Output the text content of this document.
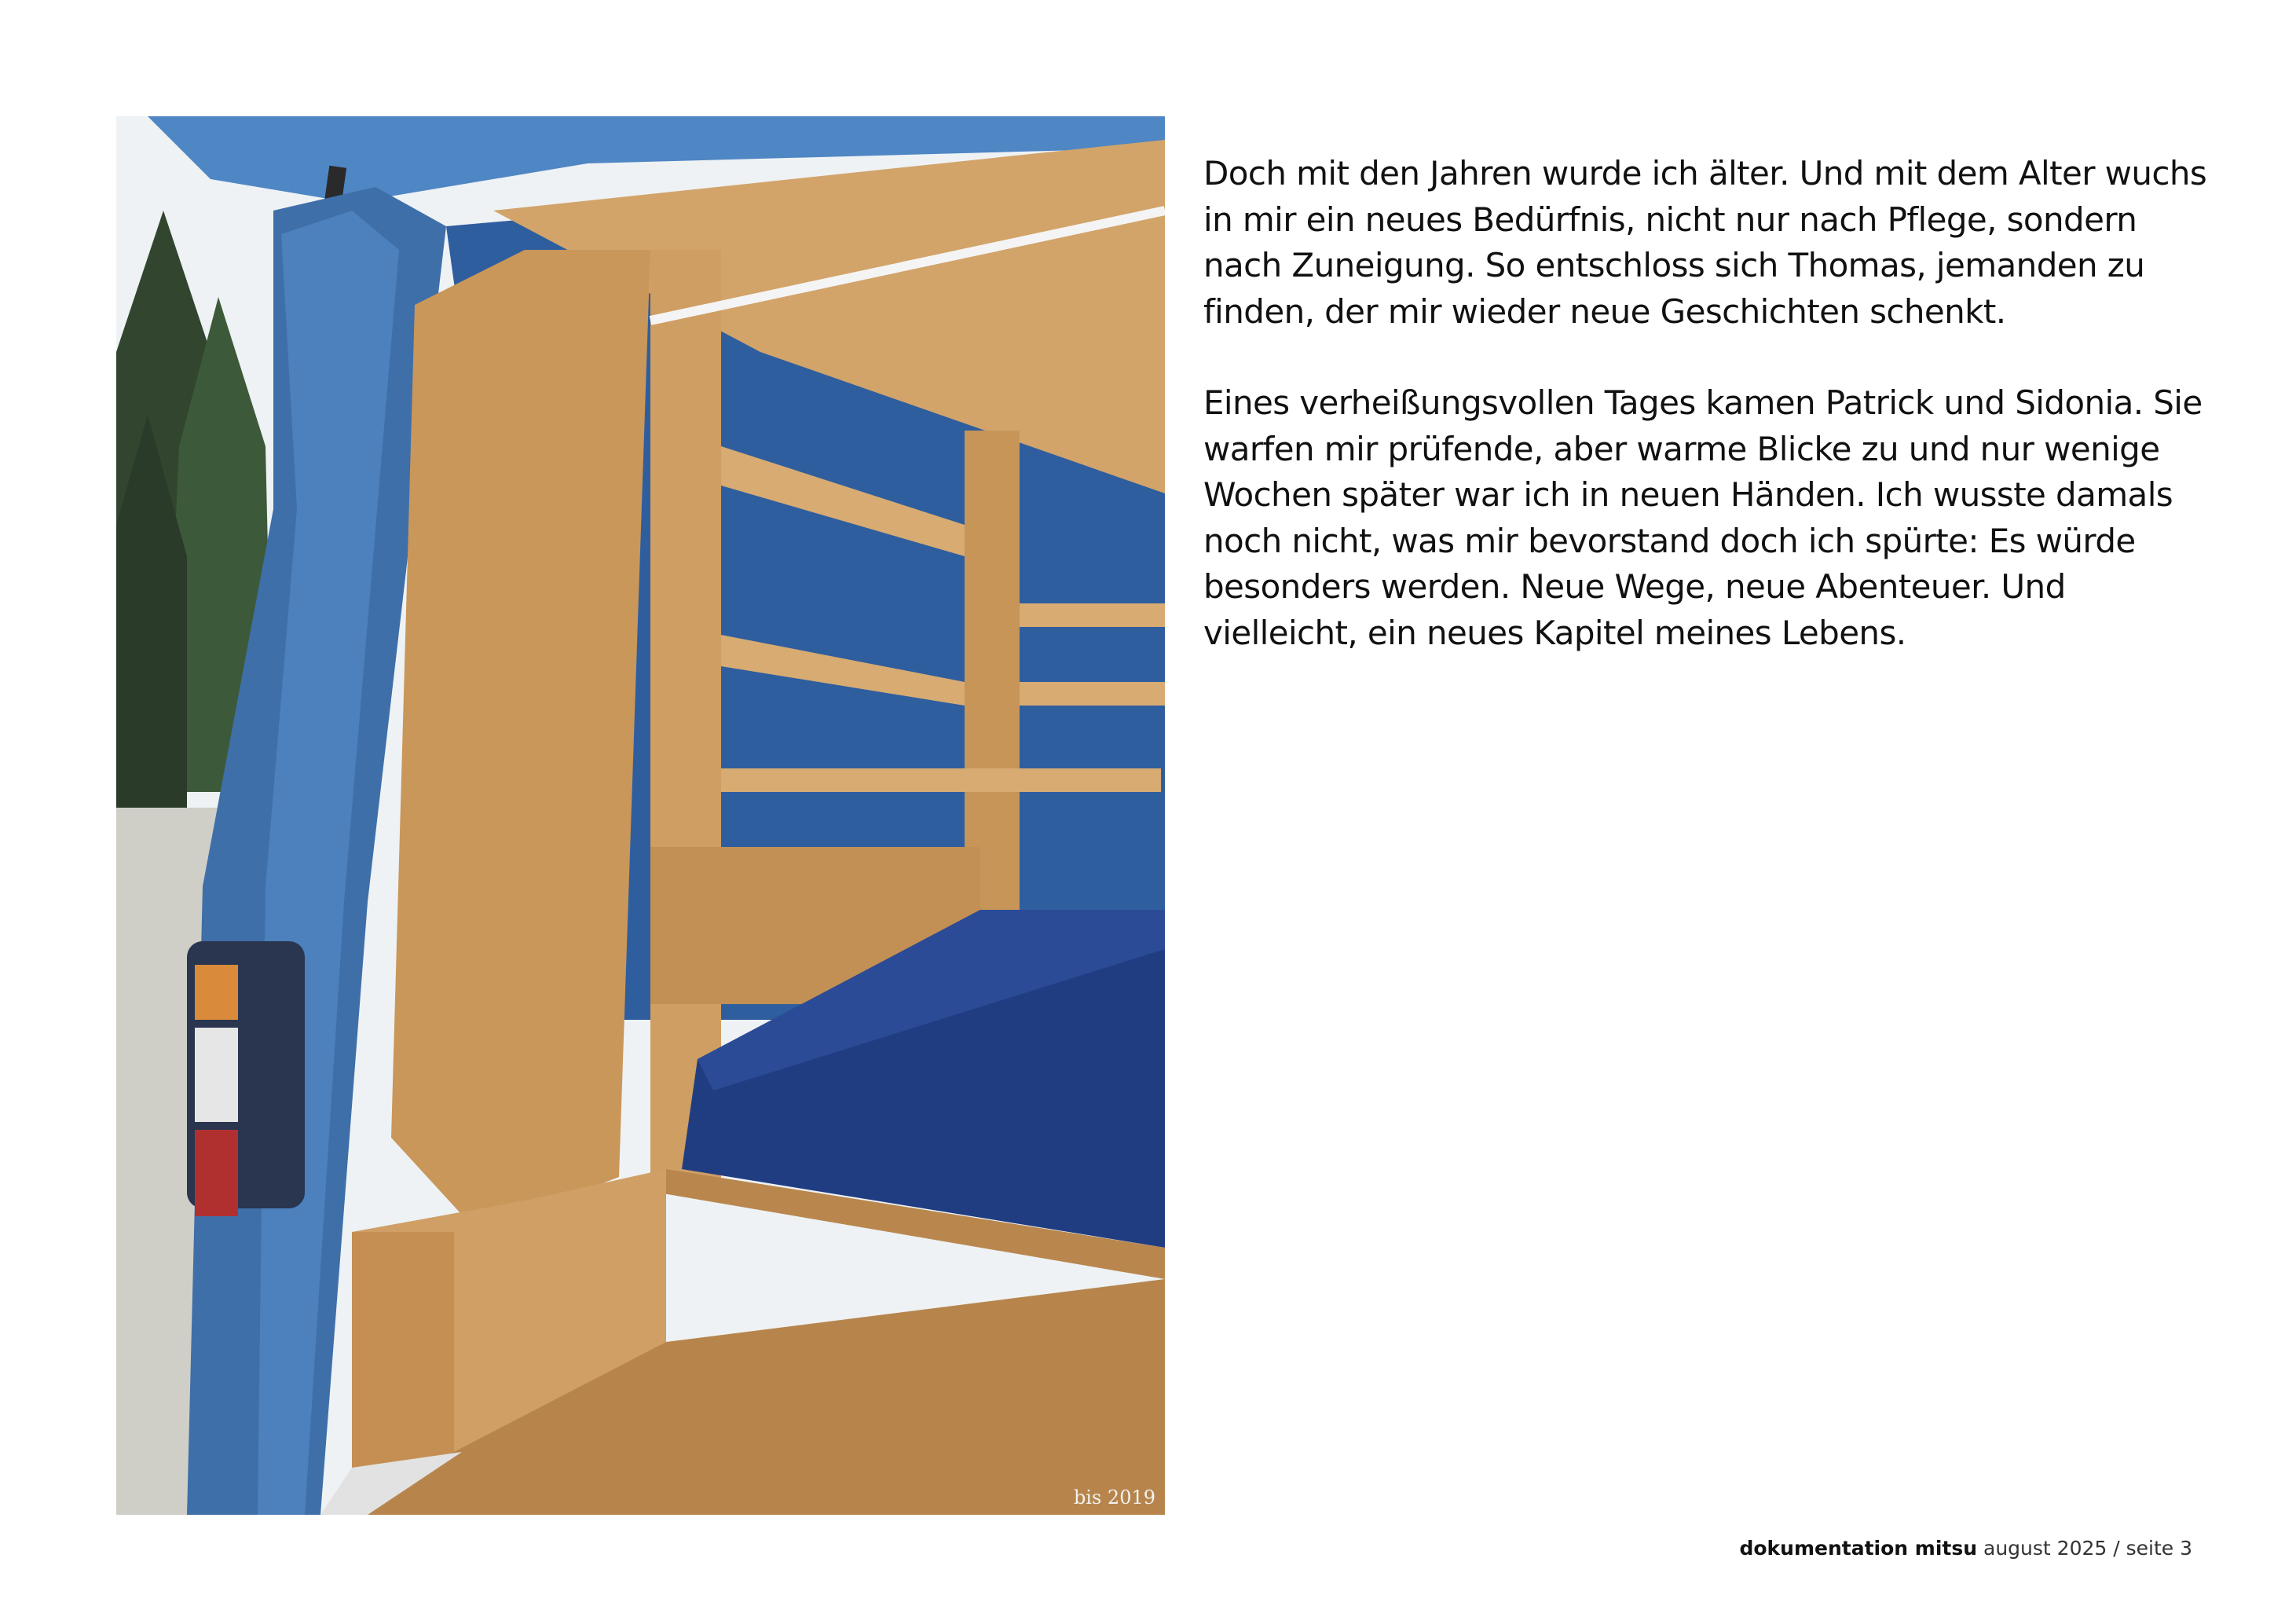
bis 2019

Doch mit den Jahren wurde ich älter. Und mit dem Alter wuchs in mir ein neues Bedürfnis, nicht nur nach Pflege, sondern nach Zuneigung. So entschloss sich Thomas, jemanden zu finden, der mir wieder neue Geschichten schenkt.

Eines verheißungsvollen Tages kamen Patrick und Sidonia. Sie warfen mir prüfende, aber warme Blicke zu und nur wenige Wochen später war ich in neuen Händen. Ich wusste damals noch nicht, was mir bevorstand doch ich spürte: Es würde besonders werden. Neue Wege, neue Abenteuer. Und vielleicht, ein neues Kapitel meines Lebens.

dokumentation mitsu august 2025 / seite 3
